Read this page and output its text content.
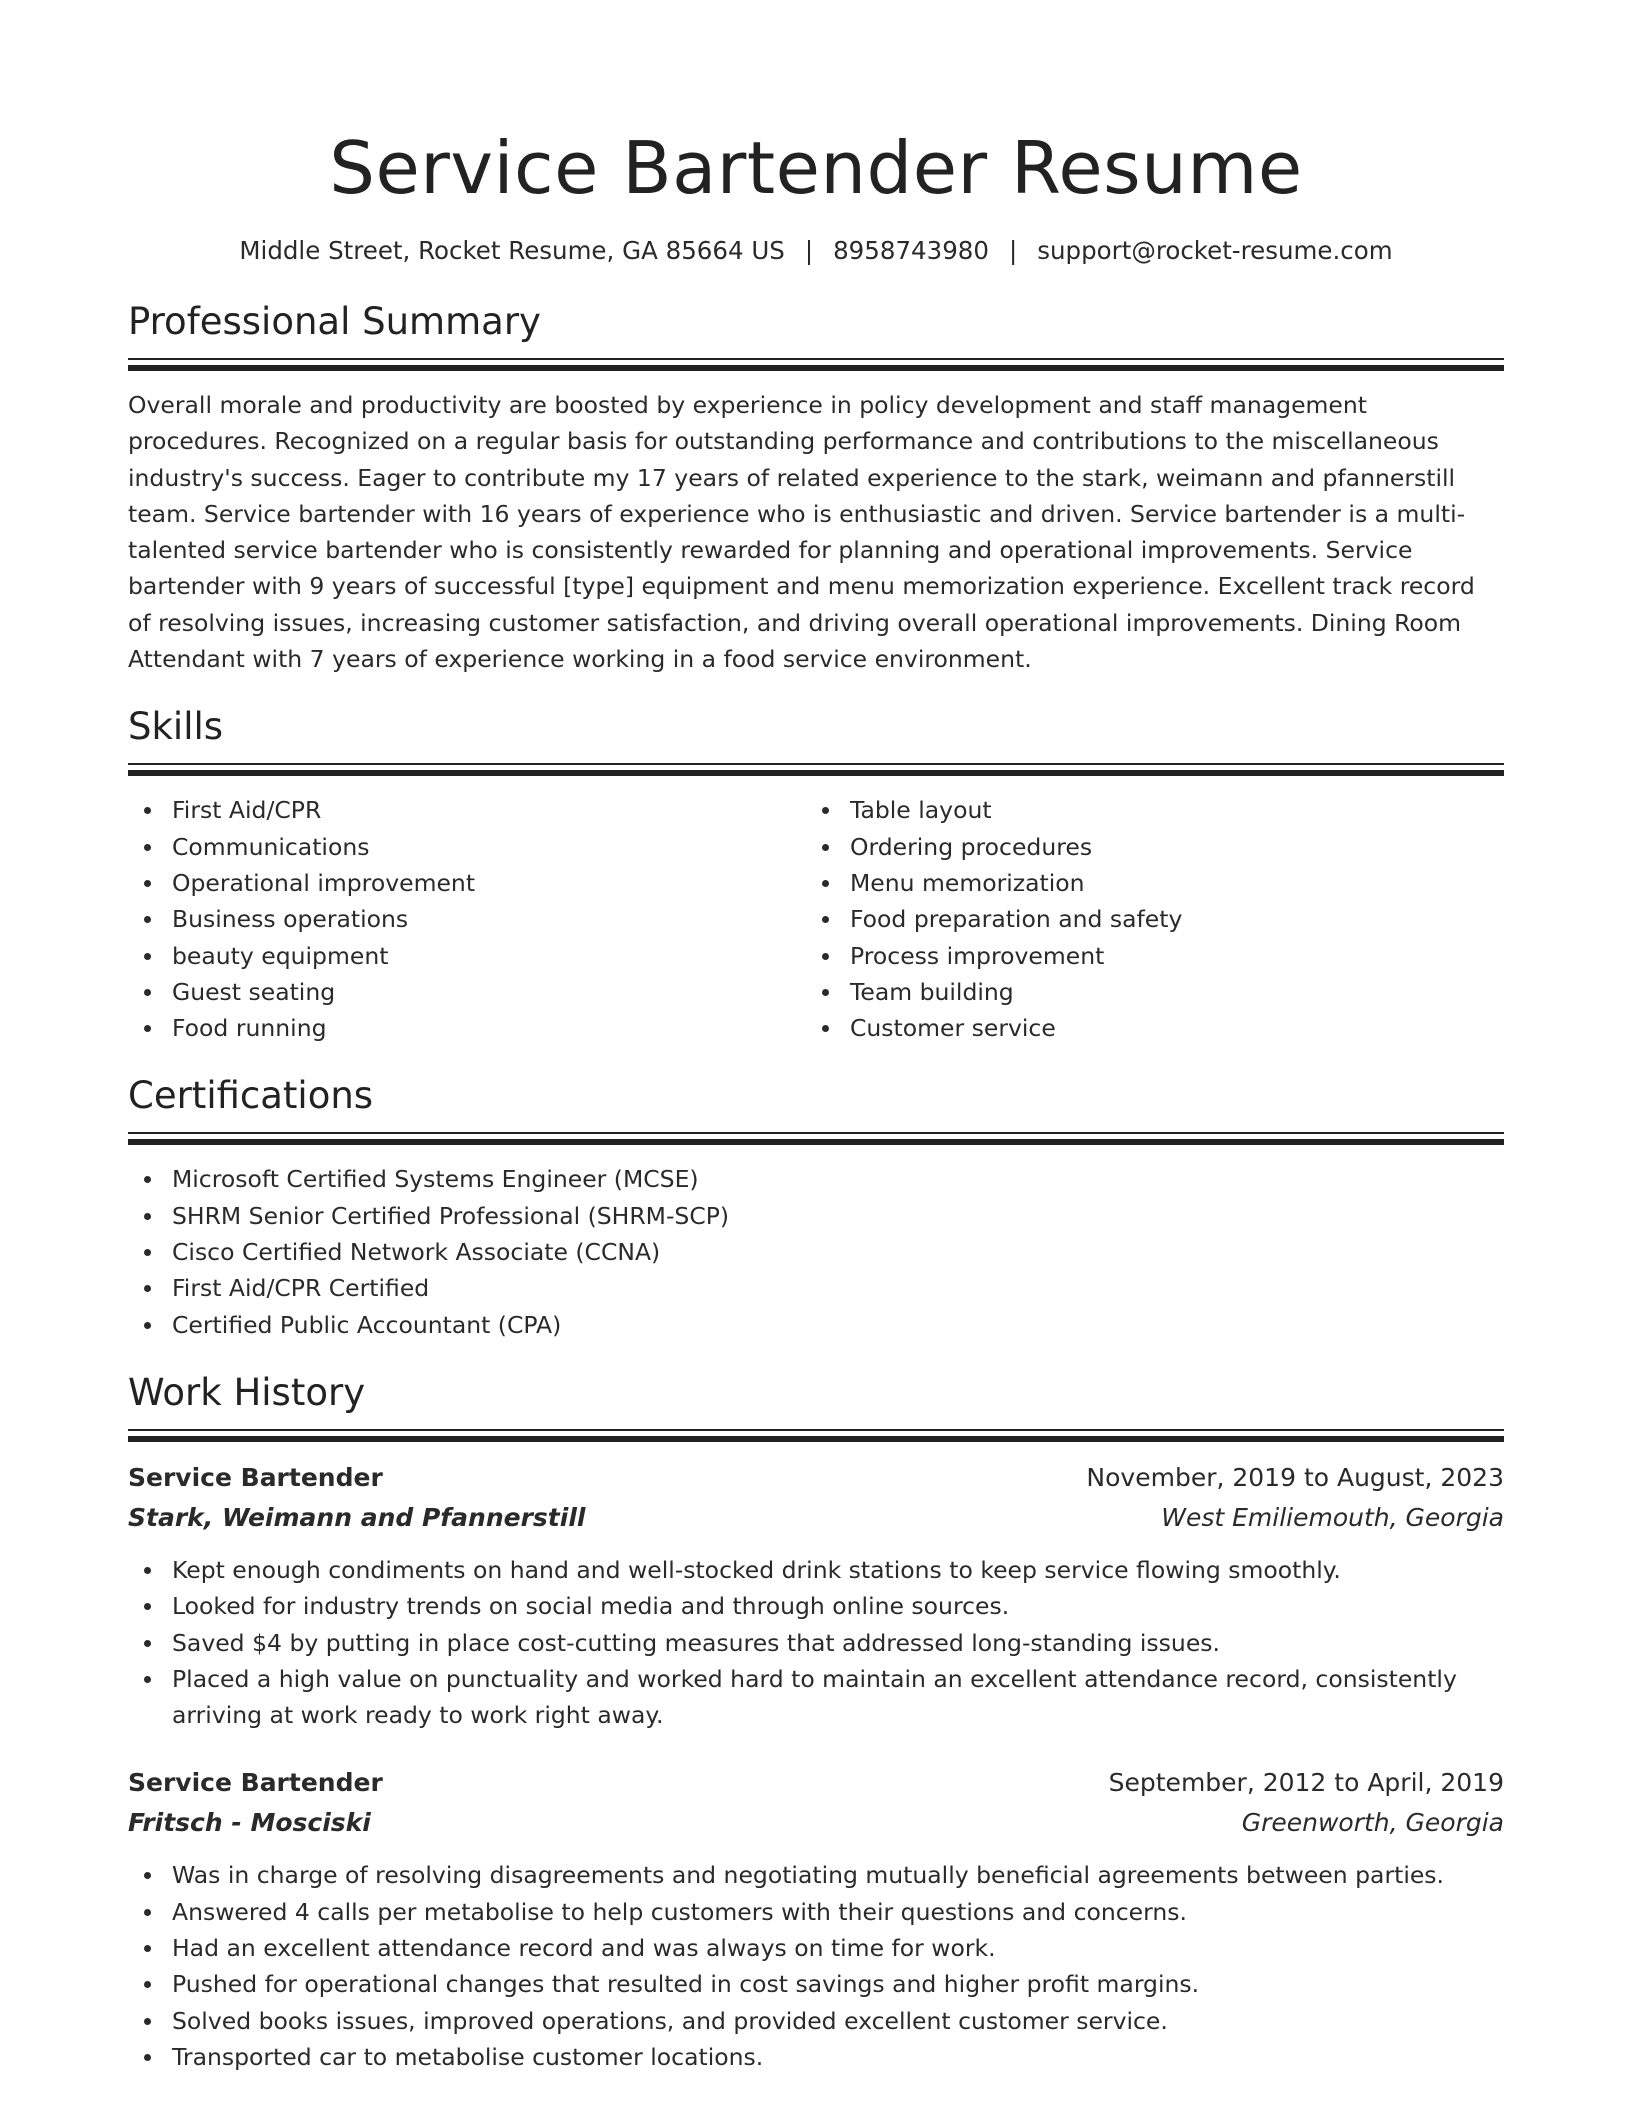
Service Bartender Resume
Middle Street, Rocket Resume, GA 85664 US | 8958743980 | support@rocket-resume.com
Professional Summary

Overall morale and productivity are boosted by experience in policy development and staff management procedures. Recognized on a regular basis for outstanding performance and contributions to the miscellaneous industry's success. Eager to contribute my 17 years of related experience to the stark, weimann and pfannerstill team. Service bartender with 16 years of experience who is enthusiastic and driven. Service bartender is a multi-talented service bartender who is consistently rewarded for planning and operational improvements. Service bartender with 9 years of successful [type] equipment and menu memorization experience. Excellent track record of resolving issues, increasing customer satisfaction, and driving overall operational improvements. Dining Room Attendant with 7 years of experience working in a food service environment.

Skills
First Aid/CPR
Communications
Operational improvement
Business operations
beauty equipment
Guest seating
Food running
Table layout
Ordering procedures
Menu memorization
Food preparation and safety
Process improvement
Team building
Customer service
Certifications
Microsoft Certified Systems Engineer (MCSE)
SHRM Senior Certified Professional (SHRM-SCP)
Cisco Certified Network Associate (CCNA)
First Aid/CPR Certified
Certified Public Accountant (CPA)
Work History
Service Bartender	November, 2019 to August, 2023
Stark, Weimann and Pfannerstill	West Emiliemouth, Georgia
Kept enough condiments on hand and well-stocked drink stations to keep service flowing smoothly.
Looked for industry trends on social media and through online sources.
Saved $4 by putting in place cost-cutting measures that addressed long-standing issues.
Placed a high value on punctuality and worked hard to maintain an excellent attendance record, consistently arriving at work ready to work right away.
Service Bartender	September, 2012 to April, 2019
Fritsch - Mosciski	Greenworth, Georgia
Was in charge of resolving disagreements and negotiating mutually beneficial agreements between parties.
Answered 4 calls per metabolise to help customers with their questions and concerns.
Had an excellent attendance record and was always on time for work.
Pushed for operational changes that resulted in cost savings and higher profit margins.
Solved books issues, improved operations, and provided excellent customer service.
Transported car to metabolise customer locations.
